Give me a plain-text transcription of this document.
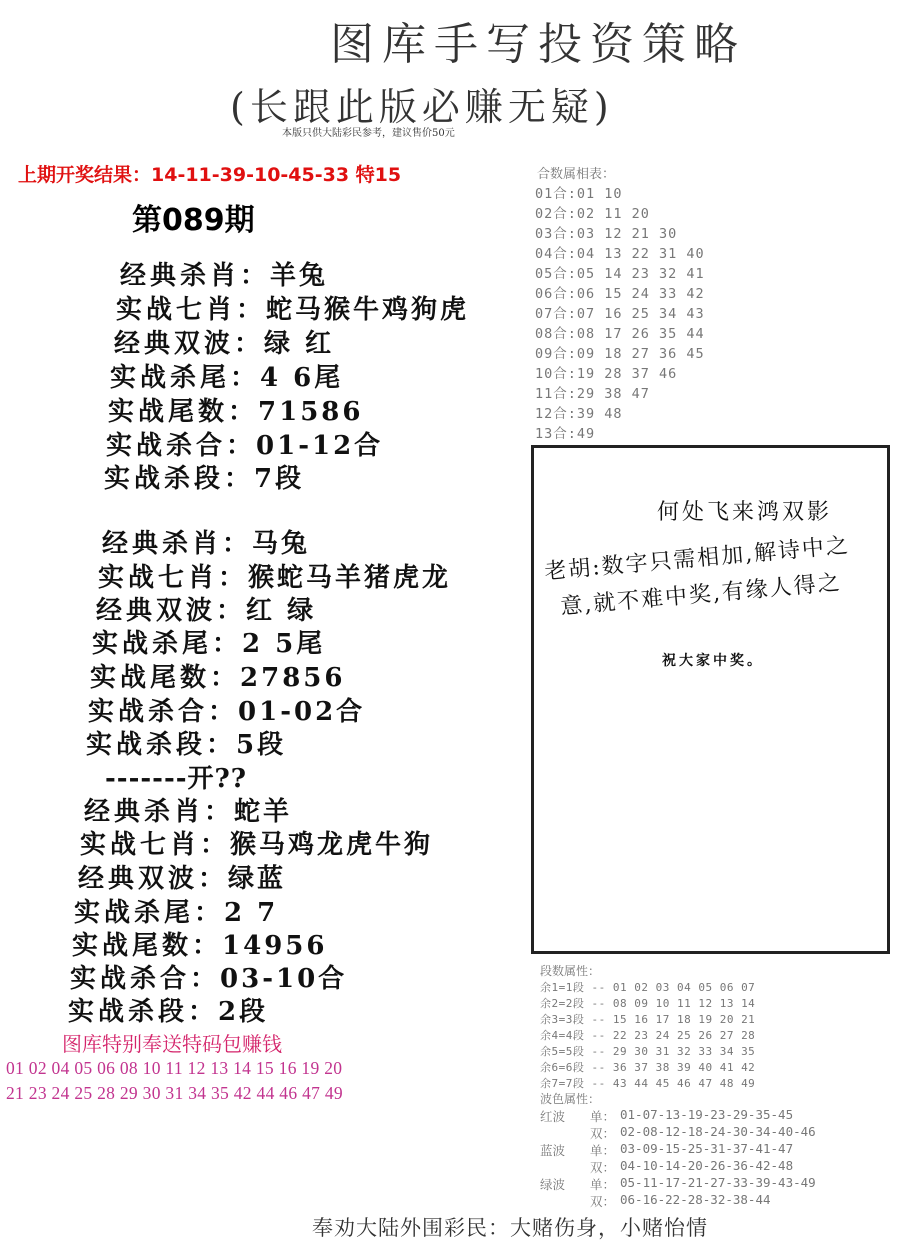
图库手写投资策略
(长跟此版必赚无疑)
本版只供大陆彩民参考，建议售价50元
上期开奖结果：14-11-39-10-45-33 特15
第089期
经典杀肖：羊兔
实战七肖：蛇马猴牛鸡狗虎
经典双波：绿 红
实战杀尾：4 6尾
实战尾数：71586
实战杀合：01-12合
实战杀段：7段
经典杀肖：马兔
实战七肖：猴蛇马羊猪虎龙
经典双波：红 绿
实战杀尾：2 5尾
实战尾数：27856
实战杀合：01-02合
实战杀段：5段
-------开??
经典杀肖：蛇羊
实战七肖：猴马鸡龙虎牛狗
经典双波：绿蓝
实战杀尾：2 7
实战尾数：14956
实战杀合：03-10合
实战杀段：2段
合数属相表：
01合:01 10
02合:02 11 20
03合:03 12 21 30
04合:04 13 22 31 40
05合:05 14 23 32 41
06合:06 15 24 33 42
07合:07 16 25 34 43
08合:08 17 26 35 44
09合:09 18 27 36 45
10合:19 28 37 46
11合:29 38 47
12合:39 48
13合:49
何处飞来鸿双影
老胡:数字只需相加,解诗中之
意,就不难中奖,有缘人得之
祝大家中奖。
段数属性：
余1=1段 -- 01 02 03 04 05 06 07
余2=2段 -- 08 09 10 11 12 13 14
余3=3段 -- 15 16 17 18 19 20 21
余4=4段 -- 22 23 24 25 26 27 28
余5=5段 -- 29 30 31 32 33 34 35
余6=6段 -- 36 37 38 39 40 41 42
余7=7段 -- 43 44 45 46 47 48 49
波色属性：
红波 单： 01-07-13-19-23-29-35-45
双： 02-08-12-18-24-30-34-40-46
蓝波 单： 03-09-15-25-31-37-41-47
双： 04-10-14-20-26-36-42-48
绿波 单： 05-11-17-21-27-33-39-43-49
双： 06-16-22-28-32-38-44
图库特别奉送特码包赚钱
01 02 04 05 06 08 10 11 12 13 14 15 16 19 20
21 23 24 25 28 29 30 31 34 35 42 44 46 47 49
奉劝大陆外围彩民：大赌伤身，小赌怡情
